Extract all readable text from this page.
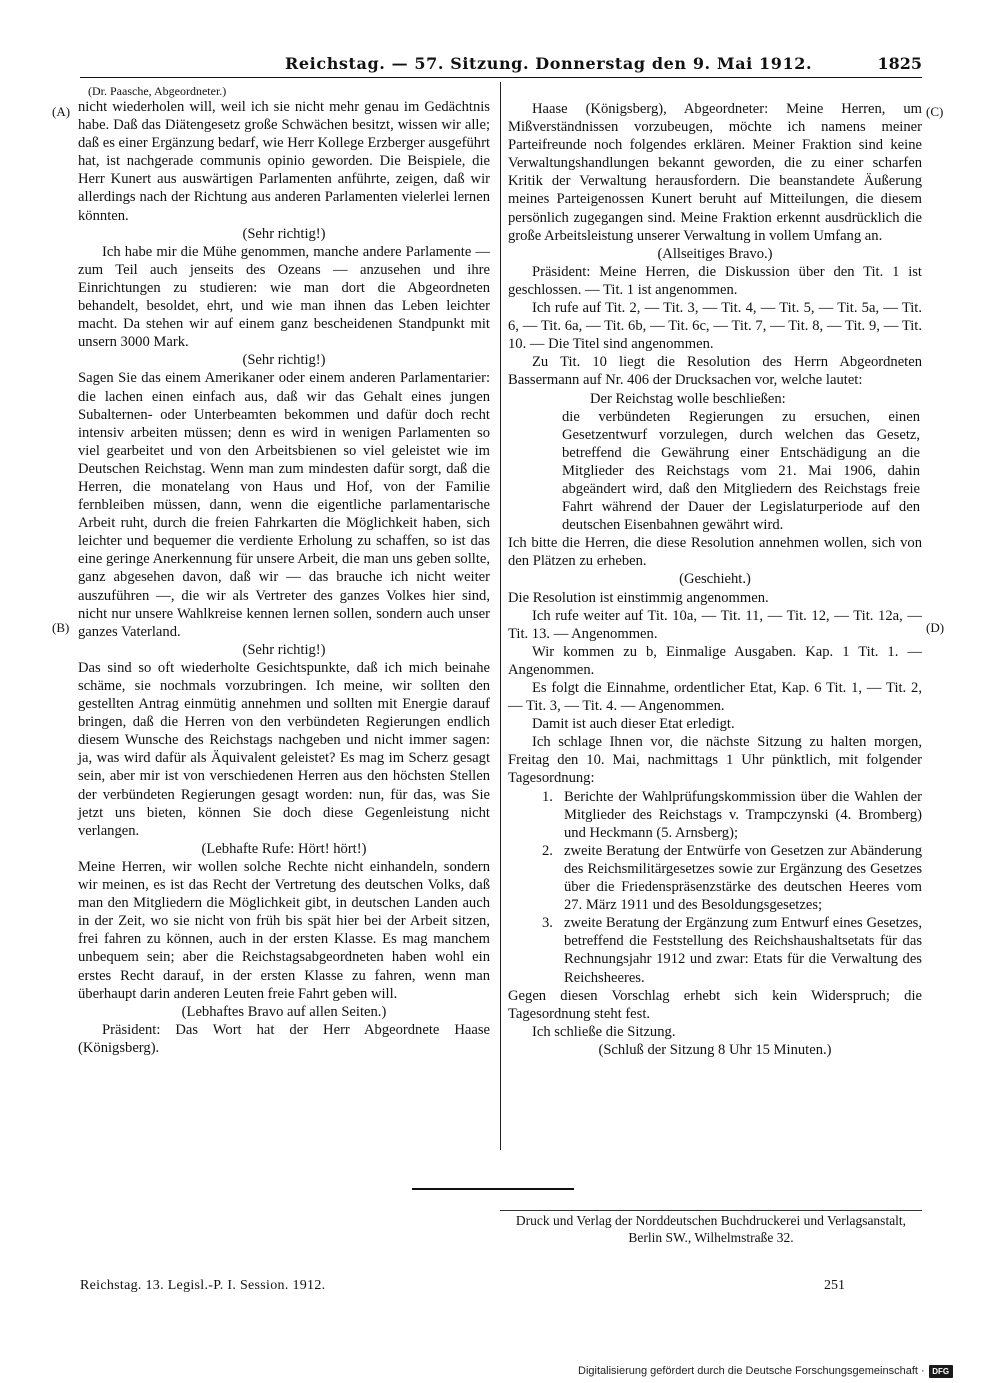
Reichstag. — 57. Sitzung. Donnerstag den 9. Mai 1912.	1825
(A)
(B)
(C)
(D)

(Dr. Paasche, Abgeordneter.)

nicht wiederholen will, weil ich sie nicht mehr genau im Gedächtnis habe. Daß das Diätengesetz große Schwächen besitzt, wissen wir alle; daß es einer Ergänzung bedarf, wie Herr Kollege Erzberger ausgeführt hat, ist nachgerade communis opinio geworden. Die Beispiele, die Herr Kunert aus auswärtigen Parlamenten anführte, zeigen, daß wir allerdings nach der Richtung aus anderen Parlamenten vielerlei lernen könnten.

(Sehr richtig!)

Ich habe mir die Mühe genommen, manche andere Parlamente — zum Teil auch jenseits des Ozeans — anzusehen und ihre Einrichtungen zu studieren: wie man dort die Abgeordneten behandelt, besoldet, ehrt, und wie man ihnen das Leben leichter macht. Da stehen wir auf einem ganz bescheidenen Standpunkt mit unsern 3000 Mark.

(Sehr richtig!)

Sagen Sie das einem Amerikaner oder einem anderen Parlamentarier: die lachen einen einfach aus, daß wir das Gehalt eines jungen Subalternen- oder Unterbeamten bekommen und dafür doch recht intensiv arbeiten müssen; denn es wird in wenigen Parlamenten so viel gearbeitet und von den Arbeitsbienen so viel geleistet wie im Deutschen Reichstag. Wenn man zum mindesten dafür sorgt, daß die Herren, die monatelang von Haus und Hof, von der Familie fernbleiben müssen, dann, wenn die eigentliche parlamentarische Arbeit ruht, durch die freien Fahrkarten die Möglichkeit haben, sich leichter und bequemer die verdiente Erholung zu schaffen, so ist das eine geringe Anerkennung für unsere Arbeit, die man uns geben sollte, ganz abgesehen davon, daß wir — das brauche ich nicht weiter auszuführen —, die wir als Vertreter des ganzes Volkes hier sind, nicht nur unsere Wahlkreise kennen lernen sollen, sondern auch unser ganzes Vaterland.

(Sehr richtig!)

Das sind so oft wiederholte Gesichtspunkte, daß ich mich beinahe schäme, sie nochmals vorzubringen. Ich meine, wir sollten den gestellten Antrag einmütig annehmen und sollten mit Energie darauf bringen, daß die Herren von den verbündeten Regierungen endlich diesem Wunsche des Reichstags nachgeben und nicht immer sagen: ja, was wird dafür als Äquivalent geleistet? Es mag im Scherz gesagt sein, aber mir ist von verschiedenen Herren aus den höchsten Stellen der verbündeten Regierungen gesagt worden: nun, für das, was Sie jetzt uns bieten, können Sie doch diese Gegenleistung nicht verlangen.

(Lebhafte Rufe: Hört! hört!)

Meine Herren, wir wollen solche Rechte nicht einhandeln, sondern wir meinen, es ist das Recht der Vertretung des deutschen Volks, daß man den Mitgliedern die Möglichkeit gibt, in deutschen Landen auch in der Zeit, wo sie nicht von früh bis spät hier bei der Arbeit sitzen, frei fahren zu können, auch in der ersten Klasse. Es mag manchem unbequem sein; aber die Reichstagsabgeordneten haben wohl ein erstes Recht darauf, in der ersten Klasse zu fahren, wenn man überhaupt darin anderen Leuten freie Fahrt geben will.

(Lebhaftes Bravo auf allen Seiten.)

Präsident: Das Wort hat der Herr Abgeordnete Haase (Königsberg).

Haase (Königsberg), Abgeordneter: Meine Herren, um Mißverständnissen vorzubeugen, möchte ich namens meiner Parteifreunde noch folgendes erklären. Meiner Fraktion sind keine Verwaltungshandlungen bekannt geworden, die zu einer scharfen Kritik der Verwaltung herausfordern. Die beanstandete Äußerung meines Parteigenossen Kunert beruht auf Mitteilungen, die diesem persönlich zugegangen sind. Meine Fraktion erkennt ausdrücklich die große Arbeitsleistung unserer Verwaltung in vollem Umfang an.

(Allseitiges Bravo.)

Präsident: Meine Herren, die Diskussion über den Tit. 1 ist geschlossen. — Tit. 1 ist angenommen.

Ich rufe auf Tit. 2, — Tit. 3, — Tit. 4, — Tit. 5, — Tit. 5a, — Tit. 6, — Tit. 6a, — Tit. 6b, — Tit. 6c, — Tit. 7, — Tit. 8, — Tit. 9, — Tit. 10. — Die Titel sind angenommen.

Zu Tit. 10 liegt die Resolution des Herrn Abgeordneten Bassermann auf Nr. 406 der Drucksachen vor, welche lautet:

Der Reichstag wolle beschließen:

die verbündeten Regierungen zu ersuchen, einen Gesetzentwurf vorzulegen, durch welchen das Gesetz, betreffend die Gewährung einer Entschädigung an die Mitglieder des Reichstags vom 21. Mai 1906, dahin abgeändert wird, daß den Mitgliedern des Reichstags freie Fahrt während der Dauer der Legislaturperiode auf den deutschen Eisenbahnen gewährt wird.

Ich bitte die Herren, die diese Resolution annehmen wollen, sich von den Plätzen zu erheben.

(Geschieht.)

Die Resolution ist einstimmig angenommen.

Ich rufe weiter auf Tit. 10a, — Tit. 11, — Tit. 12, — Tit. 12a, — Tit. 13. — Angenommen.

Wir kommen zu b, Einmalige Ausgaben. Kap. 1 Tit. 1. — Angenommen.

Es folgt die Einnahme, ordentlicher Etat, Kap. 6 Tit. 1, — Tit. 2, — Tit. 3, — Tit. 4. — Angenommen.

Damit ist auch dieser Etat erledigt.

Ich schlage Ihnen vor, die nächste Sitzung zu halten morgen, Freitag den 10. Mai, nachmittags 1 Uhr pünktlich, mit folgender Tagesordnung:

1. Berichte der Wahlprüfungskommission über die Wahlen der Mitglieder des Reichstags v. Trampczynski (4. Bromberg) und Heckmann (5. Arnsberg);

2. zweite Beratung der Entwürfe von Gesetzen zur Abänderung des Reichsmilitärgesetzes sowie zur Ergänzung des Gesetzes über die Friedenspräsenzstärke des deutschen Heeres vom 27. März 1911 und des Besoldungsgesetzes;

3. zweite Beratung der Ergänzung zum Entwurf eines Gesetzes, betreffend die Feststellung des Reichshaushaltsetats für das Rechnungsjahr 1912 und zwar: Etats für die Verwaltung des Reichsheeres.

Gegen diesen Vorschlag erhebt sich kein Widerspruch; die Tagesordnung steht fest.

Ich schließe die Sitzung.

(Schluß der Sitzung 8 Uhr 15 Minuten.)

Druck und Verlag der Norddeutschen Buchdruckerei und Verlagsanstalt,
Berlin SW., Wilhelmstraße 32.
Reichstag. 13. Legisl.-P. I. Session. 1912.	251
Digitalisierung gefördert durch die Deutsche Forschungsgemeinschaft · DFG
